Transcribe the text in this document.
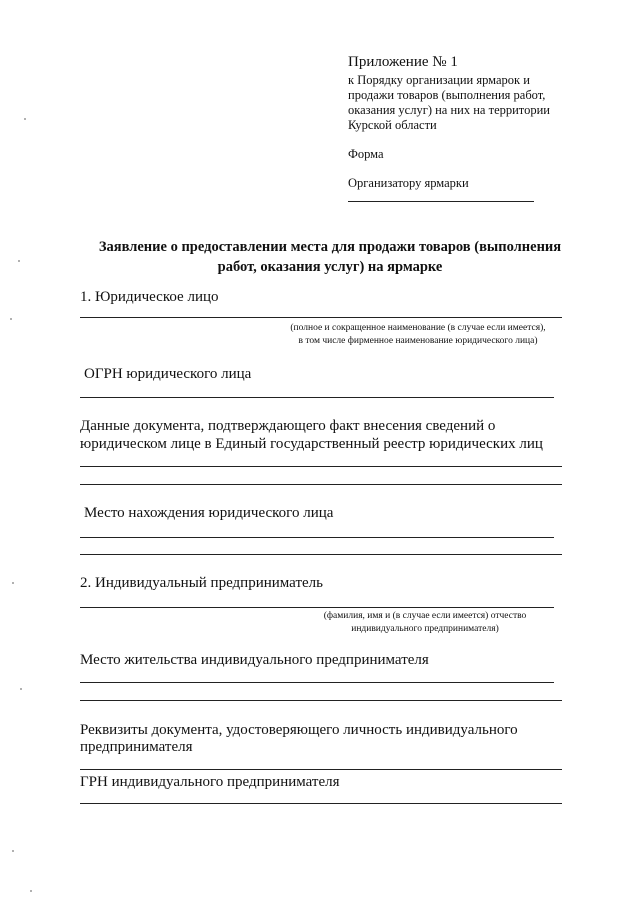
Приложение № 1
к Порядку организации ярмарок и
продажи товаров (выполнения работ,
оказания услуг) на них на территории
Курской области
Форма
Организатору ярмарки
Заявление о предоставлении места для продажи товаров (выполнения
работ, оказания услуг) на ярмарке
1. Юридическое лицо
(полное и сокращенное наименование (в случае если имеется),
в том числе фирменное наименование юридического лица)
ОГРН юридического лица
Данные документа, подтверждающего факт внесения сведений о
юридическом лице в Единый государственный реестр юридических лиц
Место нахождения юридического лица
2. Индивидуальный предприниматель
(фамилия, имя и (в случае если имеется) отчество
индивидуального предпринимателя)
Место жительства индивидуального предпринимателя
Реквизиты документа, удостоверяющего личность индивидуального
предпринимателя
ГРН индивидуального предпринимателя
